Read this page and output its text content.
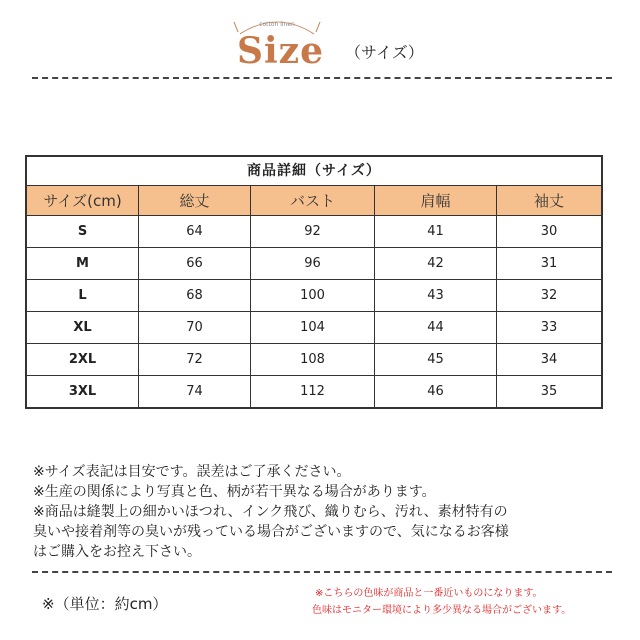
cotton linen
Size （サイズ）
商品詳細（サイズ）
サイズ(cm)	総丈	バスト	肩幅	袖丈
S	64	92	41	30
M	66	96	42	31
L	68	100	43	32
XL	70	104	44	33
2XL	72	108	45	34
3XL	74	112	46	35

※サイズ表記は目安です。誤差はご了承ください。

※生産の関係により写真と色、柄が若干異なる場合があります。

※商品は縫製上の細かいほつれ、インク飛び、織りむら、汚れ、素材特有の

臭いや接着剤等の臭いが残っている場合がございますので、気になるお客様

はご購入をお控え下さい。

※（単位：約cm）

※こちらの色味が商品と一番近いものになります。

色味はモニター環境により多少異なる場合がございます。
